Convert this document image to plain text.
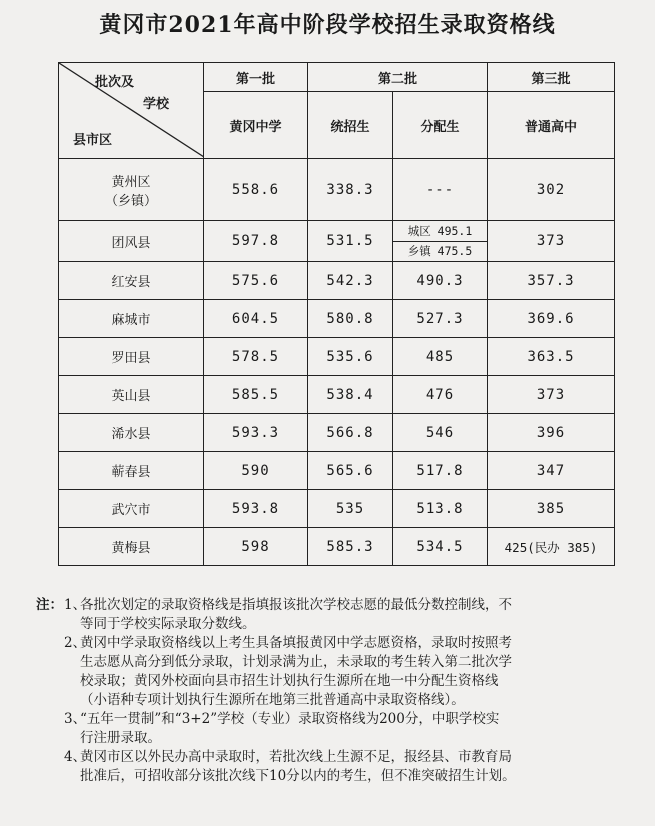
黄冈市2021年高中阶段学校招生录取资格线
批次及
学校
县市区	第一批	第二批		第三批
	黄冈中学	统招生	分配生	普通高中

黄州区
（乡镇）	558.6	338.3	---	302
团风县	597.8	531.5	城区 495.1	373
			乡镇 475.5	
红安县	575.6	542.3	490.3	357.3
麻城市	604.5	580.8	527.3	369.6
罗田县	578.5	535.6	485	363.5
英山县	585.5	538.4	476	373
浠水县	593.3	566.8	546	396
蕲春县	590	565.6	517.8	347
武穴市	593.8	535	513.8	385
黄梅县	598	585.3	534.5	425(民办 385)
注： 1、
各批次划定的录取资格线是指填报该批次学校志愿的最低分数控制线，不
等同于学校实际录取分数线。
2、
黄冈中学录取资格线以上考生具备填报黄冈中学志愿资格，录取时按照考
生志愿从高分到低分录取，计划录满为止，未录取的考生转入第二批次学
校录取；黄冈外校面向县市招生计划执行生源所在地一中分配生资格线
（小语种专项计划执行生源所在地第三批普通高中录取资格线）。
3、
“五年一贯制”和“3+2”学校（专业）录取资格线为200分，中职学校实
行注册录取。
4、
黄冈市区以外民办高中录取时，若批次线上生源不足，报经县、市教育局
批准后，可招收部分该批次线下10分以内的考生，但不准突破招生计划。
